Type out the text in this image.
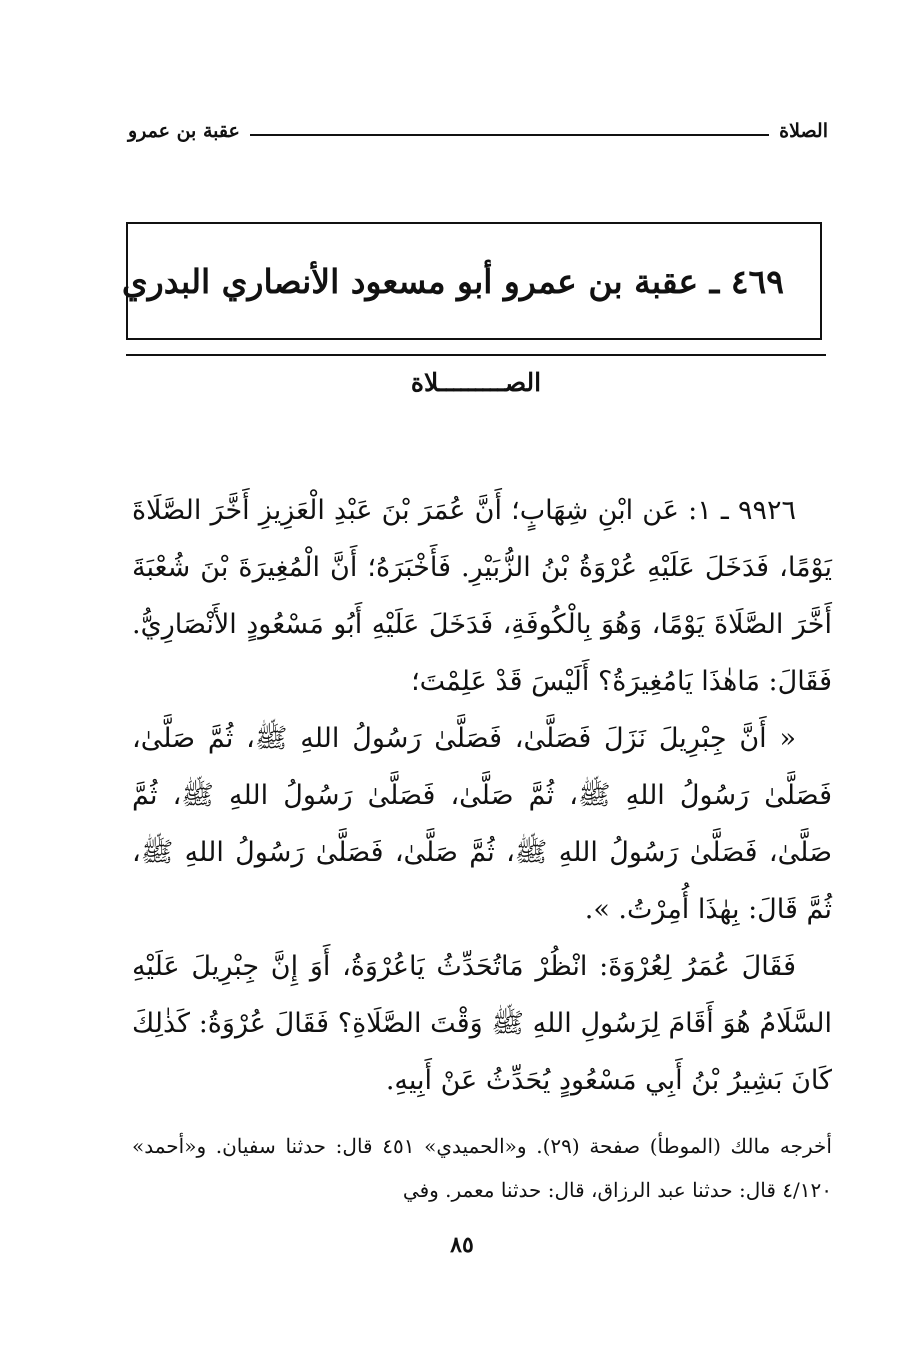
الصلاة
عقبة بن عمرو
٤٦٩ ـ عقبة بن عمرو أبو مسعود الأنصاري البدري
الصـــــــــلاة

٩٩٢٦ ـ ١: عَن ابْنِ شِهَابٍ؛ أَنَّ عُمَرَ بْنَ عَبْدِ الْعَزِيزِ أَخَّرَ الصَّلَاةَ يَوْمًا، فَدَخَلَ عَلَيْهِ عُرْوَةُ بْنُ الزُّبَيْرِ. فَأَخْبَرَهُ؛ أَنَّ الْمُغِيرَةَ بْنَ شُعْبَةَ أَخَّرَ الصَّلَاةَ يَوْمًا، وَهُوَ بِالْكُوفَةِ، فَدَخَلَ عَلَيْهِ أَبُو مَسْعُودٍ الأَنْصَارِيُّ. فَقَالَ: مَاهٰذَا يَامُغِيرَةُ؟ أَلَيْسَ قَدْ عَلِمْتَ؛

« أَنَّ جِبْرِيلَ نَزَلَ فَصَلَّىٰ، فَصَلَّىٰ رَسُولُ اللهِ ﷺ، ثُمَّ صَلَّىٰ، فَصَلَّىٰ رَسُولُ اللهِ ﷺ، ثُمَّ صَلَّىٰ، فَصَلَّىٰ رَسُولُ اللهِ ﷺ، ثُمَّ صَلَّىٰ، فَصَلَّىٰ رَسُولُ اللهِ ﷺ، ثُمَّ صَلَّىٰ، فَصَلَّىٰ رَسُولُ اللهِ ﷺ، ثُمَّ قَالَ: بِهٰذَا أُمِرْتُ. ».

فَقَالَ عُمَرُ لِعُرْوَةَ: انْظُرْ مَاتُحَدِّثُ يَاعُرْوَةُ، أَوَ إِنَّ جِبْرِيلَ عَلَيْهِ السَّلَامُ هُوَ أَقَامَ لِرَسُولِ اللهِ ﷺ وَقْتَ الصَّلَاةِ؟ فَقَالَ عُرْوَةُ: كَذٰلِكَ كَانَ بَشِيرُ بْنُ أَبِي مَسْعُودٍ يُحَدِّثُ عَنْ أَبِيهِ.

أخرجه مالك (الموطأ) صفحة (٢٩). و«الحميدي» ٤٥١ قال: حدثنا سفيان. و«أحمد» ٤/١٢٠ قال: حدثنا عبد الرزاق، قال: حدثنا معمر. وفي
٨٥
